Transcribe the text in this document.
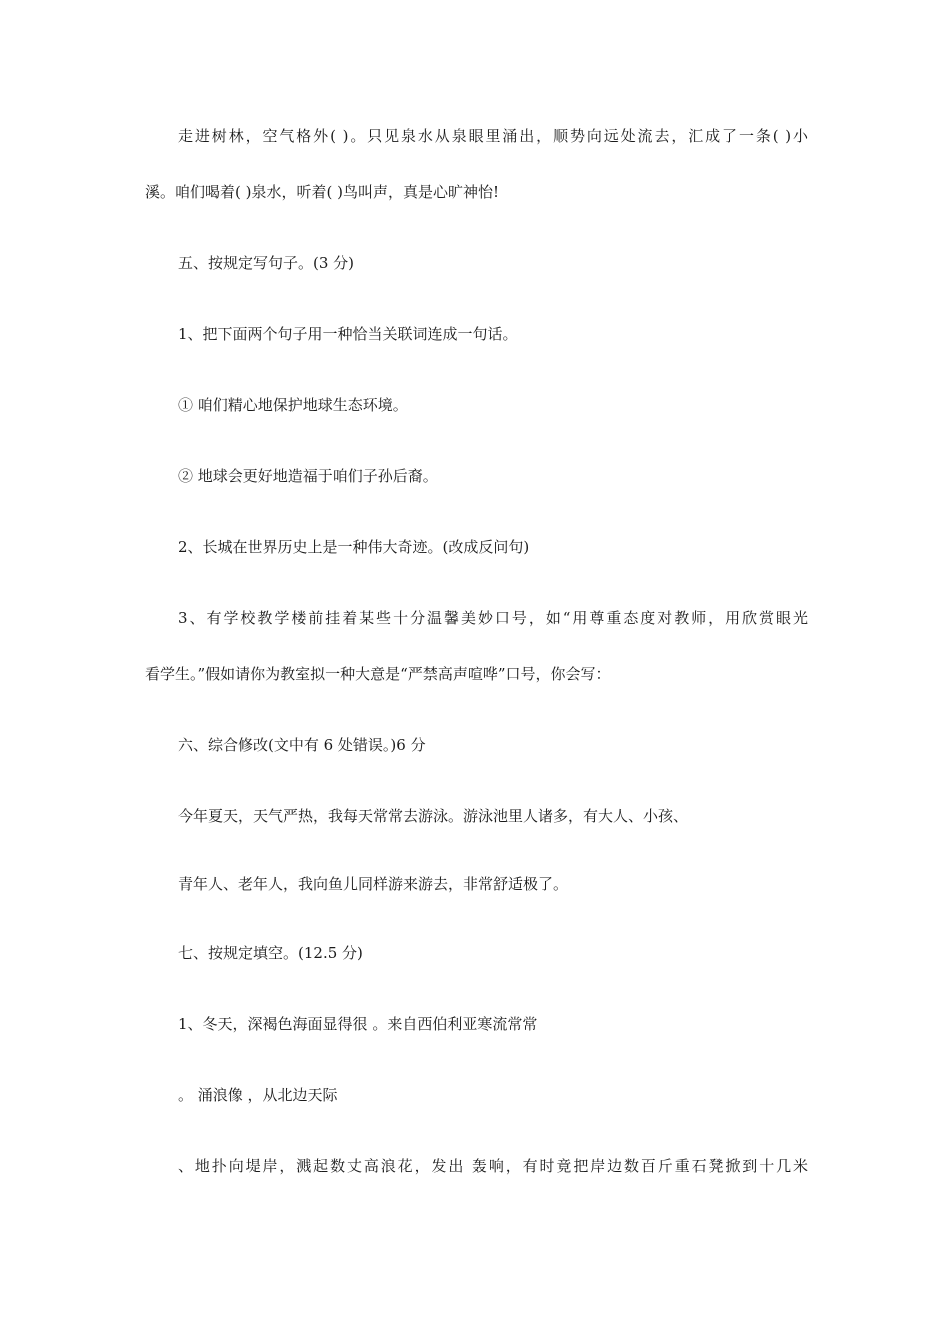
走进树林，空气格外( )。只见泉水从泉眼里涌出，顺势向远处流去，汇成了一条( )小
溪。咱们喝着( )泉水，听着( )鸟叫声，真是心旷神怡!
五、按规定写句子。(3 分)
1、把下面两个句子用一种恰当关联词连成一句话。
① 咱们精心地保护地球生态环境。
② 地球会更好地造福于咱们子孙后裔。
2、长城在世界历史上是一种伟大奇迹。(改成反问句)
3、有学校教学楼前挂着某些十分温馨美妙口号，如“用尊重态度对教师，用欣赏眼光
看学生。”假如请你为教室拟一种大意是“严禁高声喧哗”口号，你会写：
六、综合修改(文中有 6 处错误。)6 分
今年夏天，天气严热，我每天常常去游泳。游泳池里人诸多，有大人、小孩、
青年人、老年人，我向鱼儿同样游来游去，非常舒适极了。
七、按规定填空。(12.5 分)
1、冬天，深褐色海面显得很 。来自西伯利亚寒流常常
。 涌浪像 ，从北边天际
、地扑向堤岸，溅起数丈高浪花，发出 轰响，有时竟把岸边数百斤重石凳掀到十几米
